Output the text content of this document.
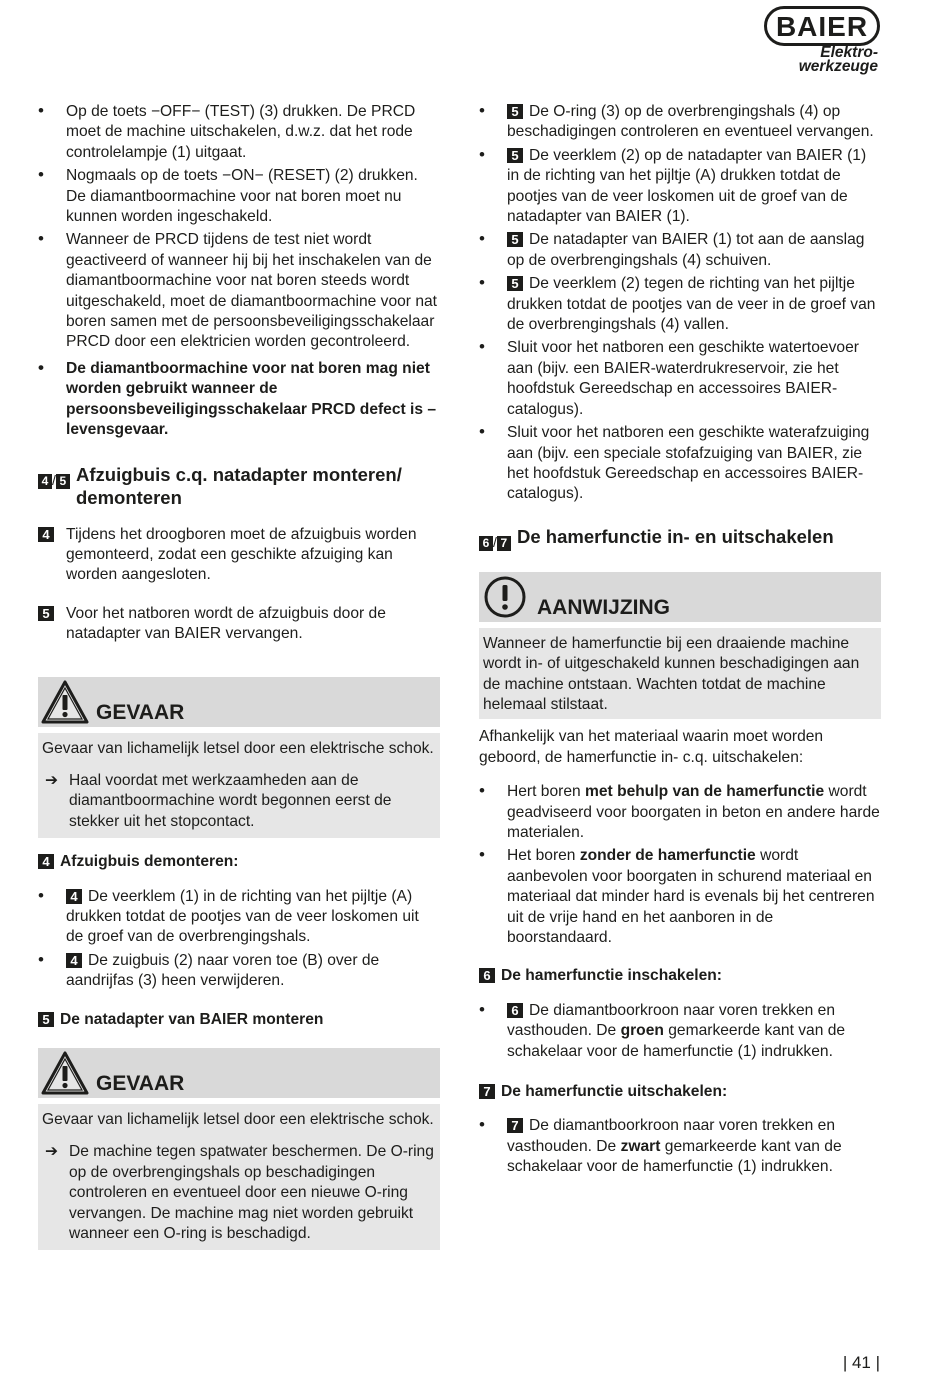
BAIER
Elektro-
werkzeuge
• Op de toets −OFF− (TEST) (3) drukken. De PRCD moet de machine uitschakelen, d.w.z. dat het rode controlelampje (1) uitgaat.
• Nogmaals op de toets −ON− (RESET) (2) drukken. De diamantboormachine voor nat boren moet nu kunnen worden ingeschakeld.
• Wanneer de PRCD tijdens de test niet wordt geactiveerd of wanneer hij bij het inschakelen van de diamantboormachine voor nat boren steeds wordt uitgeschakeld, moet de diamantboormachine voor nat boren samen met de persoonsbeveiligingsschakelaar PRCD door een elektricien worden gecontroleerd.
• De diamantboormachine voor nat boren mag niet worden gebruikt wanneer de persoonsbeveiligingsschakelaar PRCD defect is – levensgevaar.
4 / 5 Afzuigbuis c.q. natadapter monteren/ demonteren
4 Tijdens het droogboren moet de afzuigbuis worden gemonteerd, zodat een geschikte afzuiging kan worden aangesloten.
5 Voor het natboren wordt de afzuigbuis door de natadapter van BAIER vervangen.
GEVAAR

Gevaar van lichamelijk letsel door een elektrische schok.

➔ Haal voordat met werkzaamheden aan de diamantboormachine wordt begonnen eerst de stekker uit het stopcontact.

4 Afzuigbuis demonteren:
• 4 De veerklem (1) in de richting van het pijltje (A) drukken totdat de pootjes van de veer loskomen uit de groef van de overbrengingshals.
• 4 De zuigbuis (2) naar voren toe (B) over de aandrijfas (3) heen verwijderen.
5 De natadapter van BAIER monteren
GEVAAR

Gevaar van lichamelijk letsel door een elektrische schok.

➔ De machine tegen spatwater beschermen. De O-ring op de overbrengingshals op beschadigingen controleren en eventueel door een nieuwe O-ring vervangen. De machine mag niet worden gebruikt wanneer een O-ring is beschadigd.

• 5 De O-ring (3) op de overbrengingshals (4) op beschadigingen controleren en eventueel vervangen.
• 5 De veerklem (2) op de natadapter van BAIER (1) in de richting van het pijltje (A) drukken totdat de pootjes van de veer loskomen uit de groef van de natadapter van BAIER (1).
• 5 De natadapter van BAIER (1) tot aan de aanslag op de overbrengingshals (4) schuiven.
• 5 De veerklem (2) tegen de richting van het pijltje drukken totdat de pootjes van de veer in de groef van de overbrengingshals (4) vallen.
• Sluit voor het natboren een geschikte watertoevoer aan (bijv. een BAIER-waterdrukreservoir, zie het hoofdstuk Gereedschap en accessoires BAIER-catalogus).
• Sluit voor het natboren een geschikte waterafzuiging aan (bijv. een speciale stofafzuiging van BAIER, zie het hoofdstuk Gereedschap en accessoires BAIER-catalogus).
6 / 7 De hamerfunctie in- en uitschakelen
AANWIJZING

Wanneer de hamerfunctie bij een draaiende machine wordt in- of uitgeschakeld kunnen beschadigingen aan de machine ontstaan. Wachten totdat de machine helemaal stilstaat.

Afhankelijk van het materiaal waarin moet worden geboord, de hamerfunctie in- c.q. uitschakelen:

• Hert boren met behulp van de hamerfunctie wordt geadviseerd voor boorgaten in beton en andere harde materialen.
• Het boren zonder de hamerfunctie wordt aanbevolen voor boorgaten in schurend materiaal en materiaal dat minder hard is evenals bij het centreren uit de vrije hand en het aanboren in de boorstandaard.
6 De hamerfunctie inschakelen:
• 6 De diamantboorkroon naar voren trekken en vasthouden. De groen gemarkeerde kant van de schakelaar voor de hamerfunctie (1) indrukken.
7 De hamerfunctie uitschakelen:
• 7 De diamantboorkroon naar voren trekken en vasthouden. De zwart gemarkeerde kant van de schakelaar voor de hamerfunctie (1) indrukken.
| 41 |
